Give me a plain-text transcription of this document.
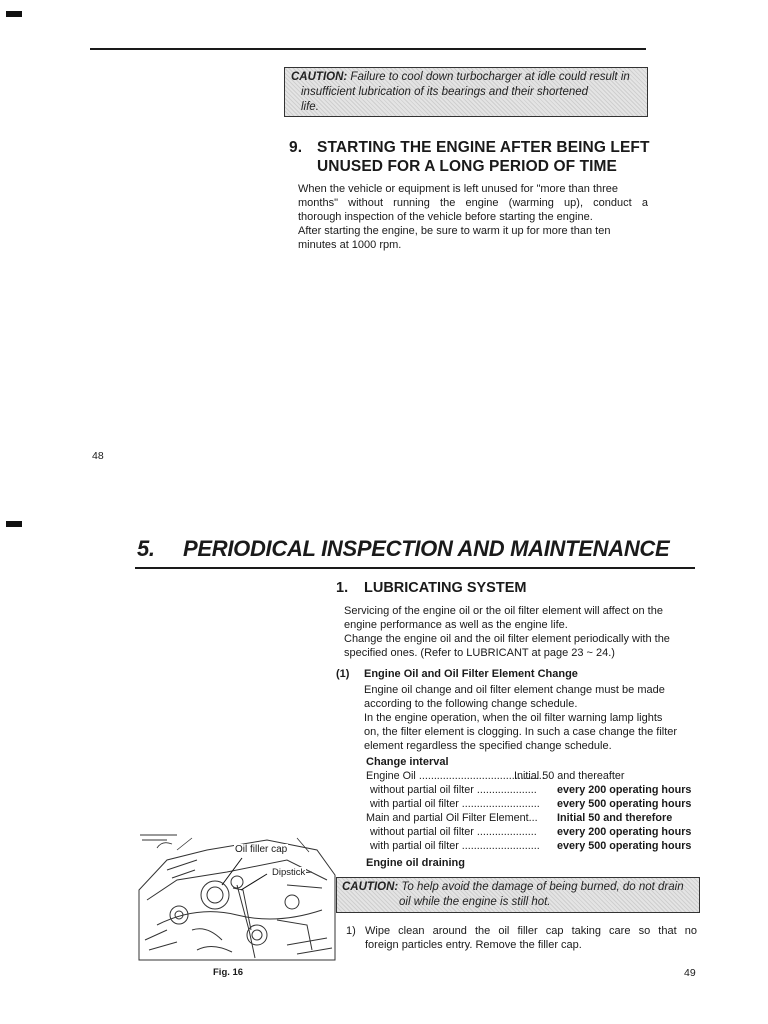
CAUTION: Failure to cool down turbocharger at idle could result in
insufficient lubrication of its bearings and their shortened
life.
9. STARTING THE ENGINE AFTER BEING LEFT
UNUSED FOR A LONG PERIOD OF TIME
When the vehicle or equipment is left unused for "more than three
months" without running the engine (warming up), conduct a
thorough inspection of the vehicle before starting the engine.
After starting the engine, be sure to warm it up for more than ten
minutes at 1000 rpm.
48
5. PERIODICAL INSPECTION AND MAINTENANCE
1. LUBRICATING SYSTEM
Servicing of the engine oil or the oil filter element will affect on the
engine performance as well as the engine life.
Change the engine oil and the oil filter element periodically with the
specified ones. (Refer to LUBRICANT at page 23 ~ 24.)
(1) Engine Oil and Oil Filter Element Change
Engine oil change and oil filter element change must be made
according to the following change schedule.
In the engine operation, when the oil filter warning lamp lights
on, the filter element is clogging. In such a case change the filter
element regardless the specified change schedule.
Change interval
Engine Oil ..........................................
Initial 50 and thereafter
without partial oil filter .................... every 200 operating hours
with partial oil filter .......................... every 500 operating hours
Main and partial Oil Filter Element... Initial 50 and therefore
without partial oil filter .................... every 200 operating hours
with partial oil filter .......................... every 500 operating hours
Engine oil draining
CAUTION: To help avoid the damage of being burned, do not drain
oil while the engine is still hot.
1) Wipe clean around the oil filler cap taking care so that no
foreign particles entry. Remove the filler cap.
Oil filler cap
Dipstick
Fig. 16	49
